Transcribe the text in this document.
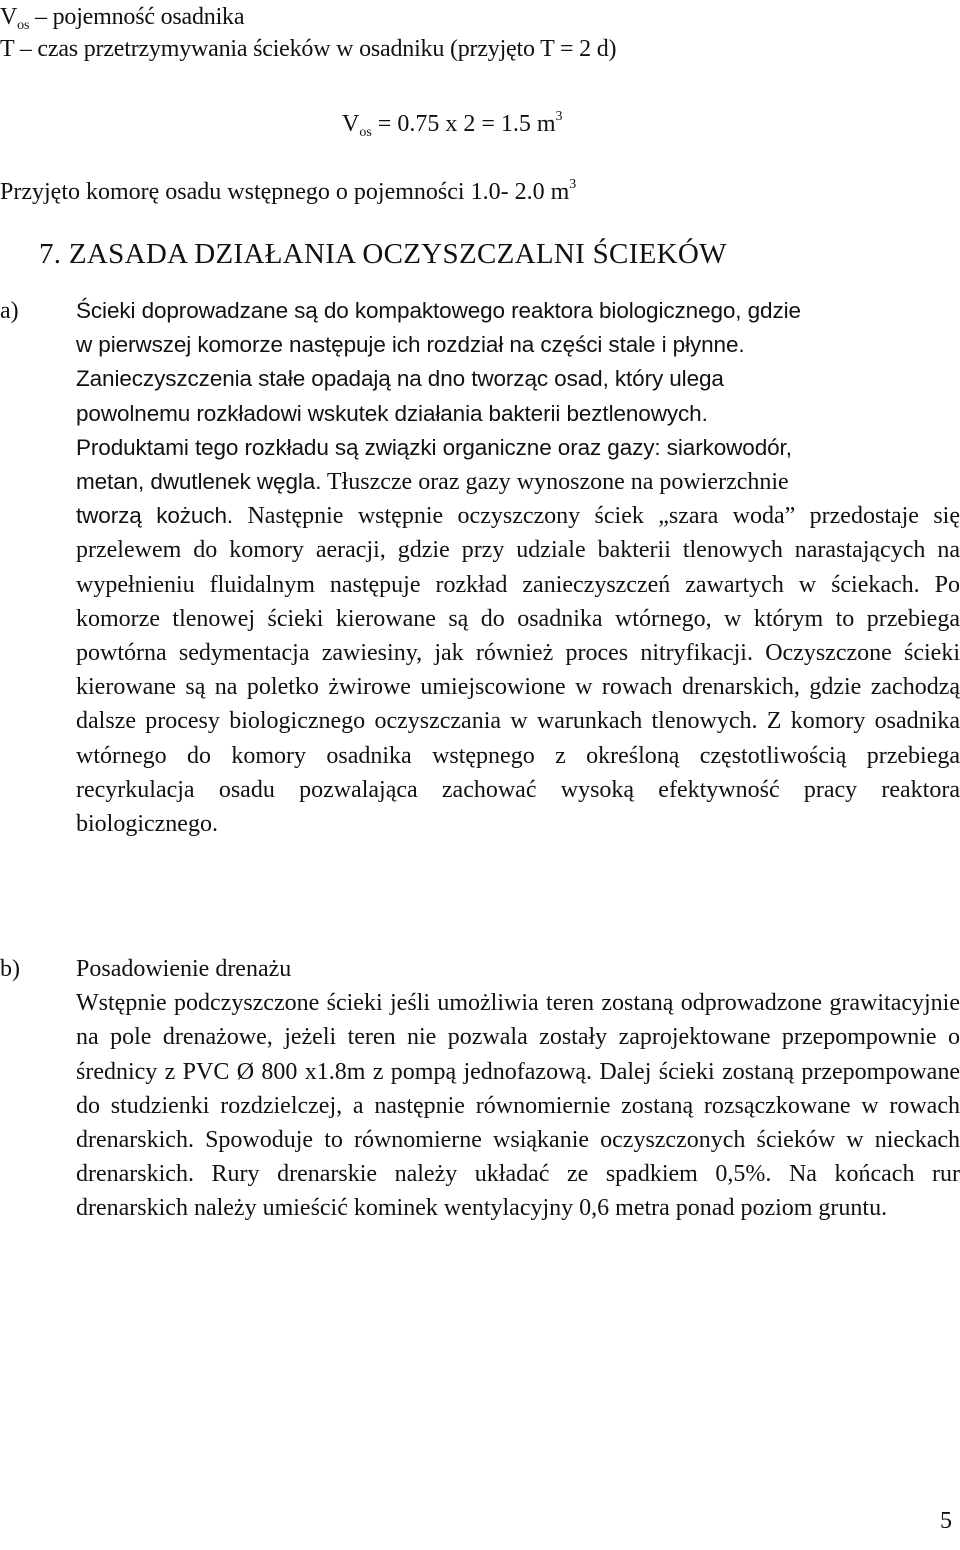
$V_{os}$ – pojemność osadnika
T – czas przetrzymywania ścieków w osadniku (przyjęto T = 2 d)
$V_{os} = 0.75$ x 2 = 1.5 $m^3$
Przyjęto komorę osadu wstępnego o pojemności 1.0- 2.0 $m^3$
7. ZASADA DZIAŁANIA OCZYSZCZALNI ŚCIEKÓW
a)	Ścieki doprowadzane są do kompaktowego reaktora biologicznego, gdzie
w pierwszej komorze następuje ich rozdział na części stale i płynne.
Zanieczyszczenia stałe opadają na dno tworząc osad, który ulega
powolnemu rozkładowi wskutek działania bakterii beztlenowych.
Produktami tego rozkładu są związki organiczne oraz gazy: siarkowodór,
metan, dwutlenek węgla. Tłuszcze oraz gazy wynoszone na powierzchnie

tworzą kożuch. Następnie wstępnie oczyszczony ściek „szara woda” przedostaje się przelewem do komory aeracji, gdzie przy udziale bakterii tlenowych narastających na wypełnieniu fluidalnym następuje rozkład zanieczyszczeń zawartych w ściekach. Po komorze tlenowej ścieki kierowane są do osadnika wtórnego, w którym to przebiega powtórna sedymentacja zawiesiny, jak również proces nitryfikacji. Oczyszczone ścieki kierowane są na poletko żwirowe umiejscowione w rowach drenarskich, gdzie zachodzą dalsze procesy biologicznego oczyszczania w warunkach tlenowych. Z komory osadnika wtórnego do komory osadnika wstępnego z określoną częstotliwością przebiega recyrkulacja osadu pozwalająca zachować wysoką efektywność pracy reaktora biologicznego.

b) Posadowienie drenażu

Wstępnie podczyszczone ścieki jeśli umożliwia teren zostaną odprowadzone grawitacyjnie na pole drenażowe, jeżeli teren nie pozwala zostały zaprojektowane przepompownie o średnicy z PVC Ø 800 x1.8m z pompą jednofazową. Dalej ścieki zostaną przepompowane do studzienki rozdzielczej, a następnie równomiernie zostaną rozsączkowane w rowach drenarskich. Spowoduje to równomierne wsiąkanie oczyszczonych ścieków w nieckach drenarskich. Rury drenarskie należy układać ze spadkiem 0,5%. Na końcach rur drenarskich należy umieścić kominek wentylacyjny 0,6 metra ponad poziom gruntu.

5
